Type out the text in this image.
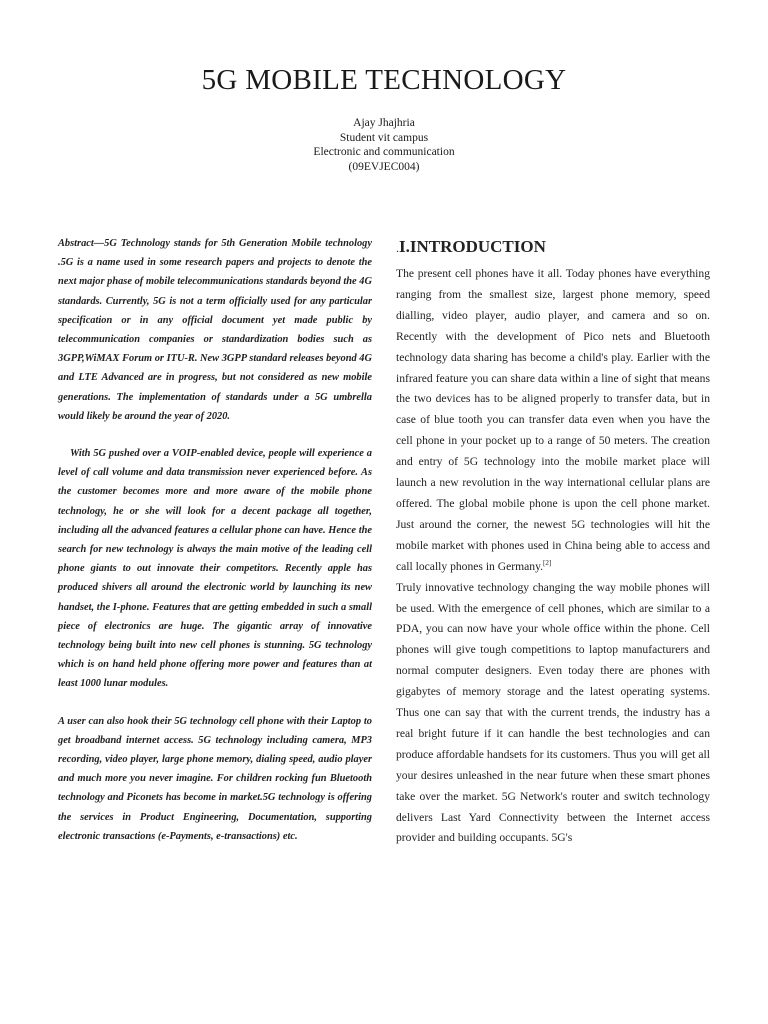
5G MOBILE TECHNOLOGY
Ajay Jhajhria
Student vit campus
Electronic and communication
(09EVJEC004)

Abstract—5G Technology stands for 5th Generation Mobile technology .5G is a name used in some research papers and projects to denote the next major phase of mobile telecommunications standards beyond the 4G standards. Currently, 5G is not a term officially used for any particular specification or in any official document yet made public by telecommunication companies or standardization bodies such as 3GPP,WiMAX Forum or ITU-R. New 3GPP standard releases beyond 4G and LTE Advanced are in progress, but not considered as new mobile generations. The implementation of standards under a 5G umbrella would likely be around the year of 2020.

With 5G pushed over a VOIP-enabled device, people will experience a level of call volume and data transmission never experienced before. As the customer becomes more and more aware of the mobile phone technology, he or she will look for a decent package all together, including all the advanced features a cellular phone can have. Hence the search for new technology is always the main motive of the leading cell phone giants to out innovate their competitors. Recently apple has produced shivers all around the electronic world by launching its new handset, the I-phone. Features that are getting embedded in such a small piece of electronics are huge. The gigantic array of innovative technology being built into new cell phones is stunning. 5G technology which is on hand held phone offering more power and features than at least 1000 lunar modules.

A user can also hook their 5G technology cell phone with their Laptop to get broadband internet access. 5G technology including camera, MP3 recording, video player, large phone memory, dialing speed, audio player and much more you never imagine. For children rocking fun Bluetooth technology and Piconets has become in market.5G technology is offering the services in Product Engineering, Documentation, supporting electronic transactions (e-Payments, e-transactions) etc.

.I.INTRODUCTION

The present cell phones have it all. Today phones have everything ranging from the smallest size, largest phone memory, speed dialling, video player, audio player, and camera and so on. Recently with the development of Pico nets and Bluetooth technology data sharing has become a child's play. Earlier with the infrared feature you can share data within a line of sight that means the two devices has to be aligned properly to transfer data, but in case of blue tooth you can transfer data even when you have the cell phone in your pocket up to a range of 50 meters. The creation and entry of 5G technology into the mobile market place will launch a new revolution in the way international cellular plans are offered. The global mobile phone is upon the cell phone market. Just around the corner, the newest 5G technologies will hit the mobile market with phones used in China being able to access and call locally phones in Germany.[2]

Truly innovative technology changing the way mobile phones will be used. With the emergence of cell phones, which are similar to a PDA, you can now have your whole office within the phone. Cell phones will give tough competitions to laptop manufacturers and normal computer designers. Even today there are phones with gigabytes of memory storage and the latest operating systems. Thus one can say that with the current trends, the industry has a real bright future if it can handle the best technologies and can produce affordable handsets for its customers. Thus you will get all your desires unleashed in the near future when these smart phones take over the market. 5G Network's router and switch technology delivers Last Yard Connectivity between the Internet access provider and building occupants. 5G's
